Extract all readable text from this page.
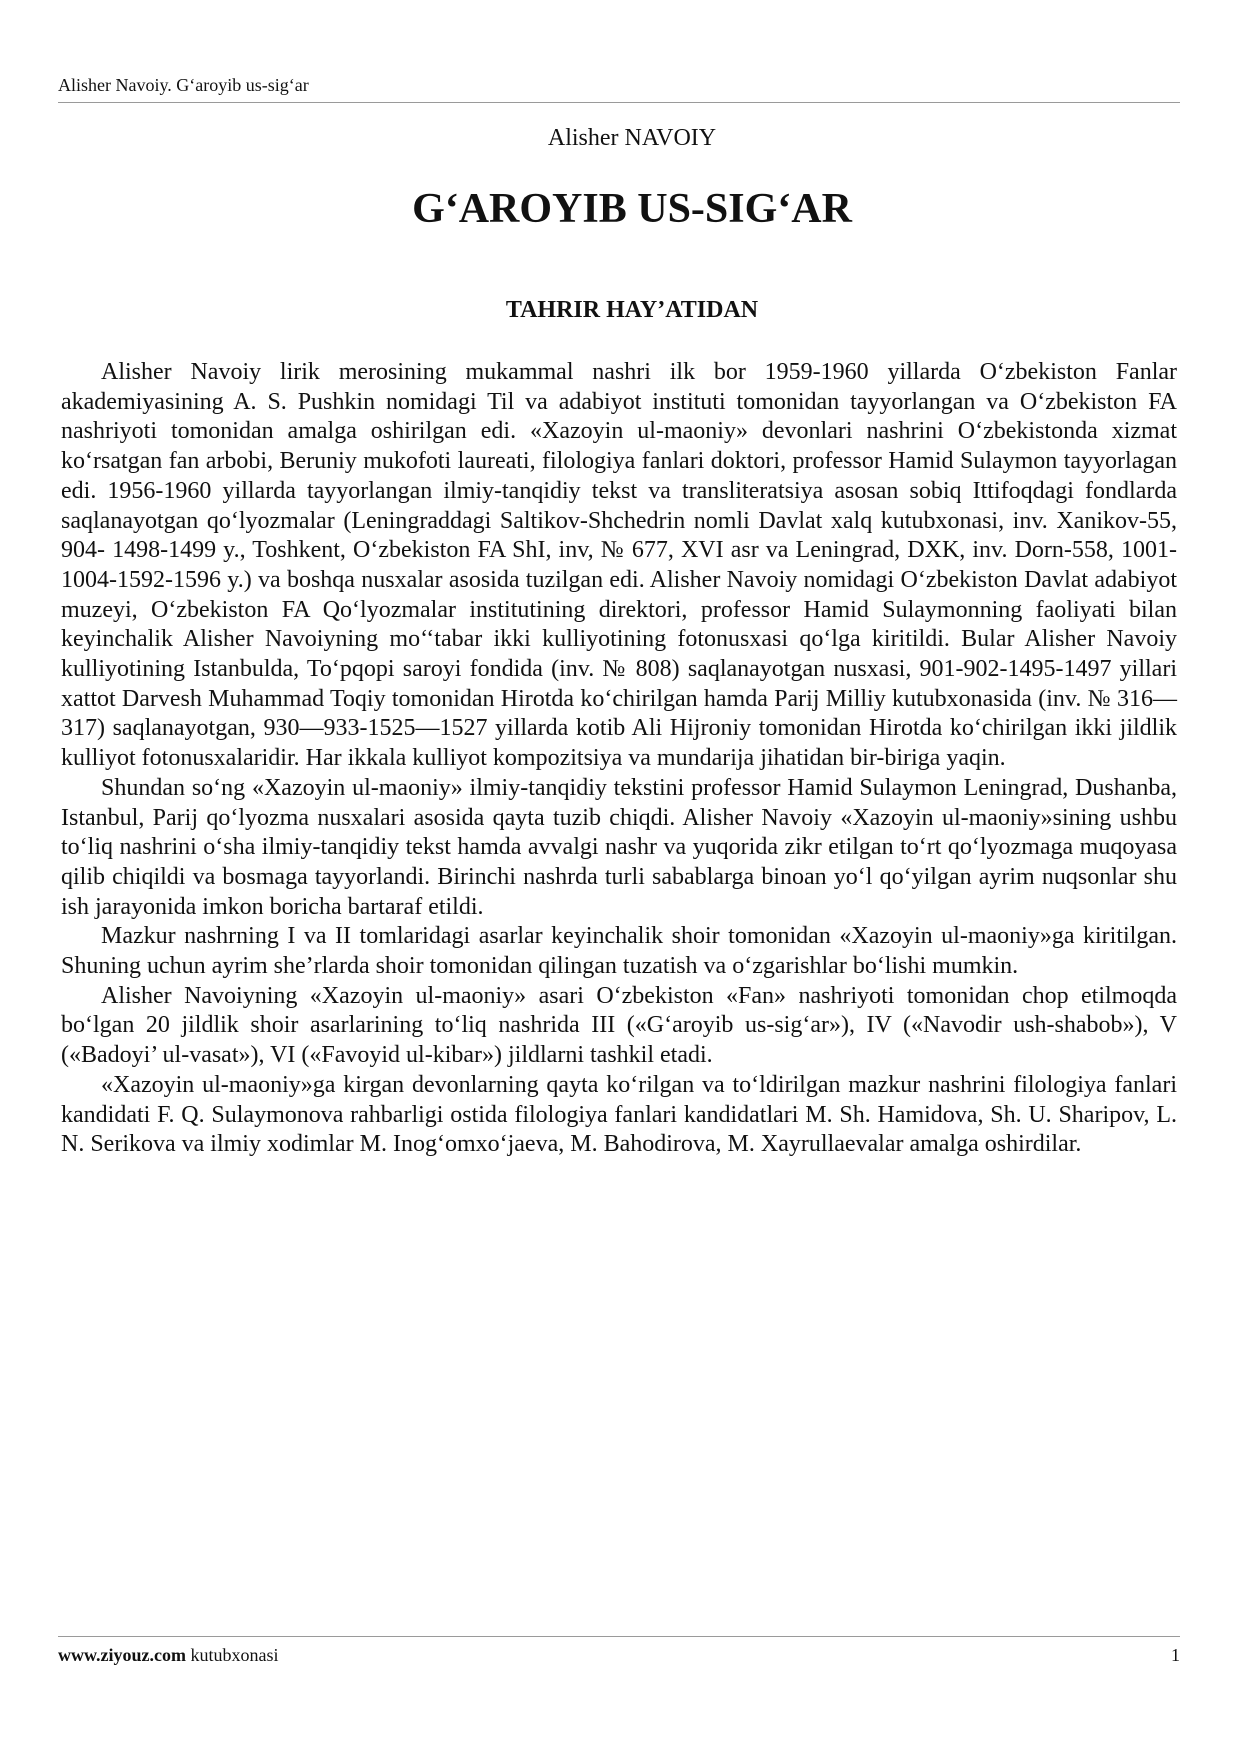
Alisher Navoiy. G‘aroyib us-sig‘ar
Alisher NAVOIY
G‘AROYIB US-SIG‘AR
TAHRIR HAY’ATIDAN

Alisher Navoiy lirik merosining mukammal nashri ilk bor 1959-1960 yillarda O‘zbekiston Fanlar akademiyasining A. S. Pushkin nomidagi Til va adabiyot instituti tomonidan tayyorlangan va O‘zbekiston FA nashriyoti tomonidan amalga oshirilgan edi. «Xazoyin ul-maoniy» devonlari nashrini O‘zbekistonda xizmat ko‘rsatgan fan arbobi, Beruniy mukofoti laureati, filologiya fanlari doktori, professor Hamid Sulaymon tayyorlagan edi. 1956-1960 yillarda tayyorlangan ilmiy-tanqidiy tekst va transliteratsiya asosan sobiq Ittifoqdagi fondlarda saqlanayotgan qo‘lyozmalar (Leningraddagi Saltikov-Shchedrin nomli Davlat xalq kutubxonasi, inv. Xanikov-55, 904- 1498-1499 y., Toshkent, O‘zbekiston FA ShI, inv, № 677, XVI asr va Leningrad, DXK, inv. Dorn-558, 1001-1004-1592-1596 y.) va boshqa nusxalar asosida tuzilgan edi. Alisher Navoiy nomidagi O‘zbekiston Davlat adabiyot muzeyi, O‘zbekiston FA Qo‘lyozmalar institutining direktori, professor Hamid Sulaymonning faoliyati bilan keyinchalik Alisher Navoiyning mo‘‘tabar ikki kulliyotining fotonusxasi qo‘lga kiritildi. Bular Alisher Navoiy kulliyotining Istanbulda, To‘pqopi saroyi fondida (inv. № 808) saqlanayotgan nusxasi, 901-902-1495-1497 yillari xattot Darvesh Muhammad Toqiy tomonidan Hirotda ko‘chirilgan hamda Parij Milliy kutubxonasida (inv. № 316—317) saqlanayotgan, 930—933-1525—1527 yillarda kotib Ali Hijroniy tomonidan Hirotda ko‘chirilgan ikki jildlik kulliyot fotonusxalaridir. Har ikkala kulliyot kompozitsiya va mundarija jihatidan bir-biriga yaqin.

Shundan so‘ng «Xazoyin ul-maoniy» ilmiy-tanqidiy tekstini professor Hamid Sulaymon Leningrad, Dushanba, Istanbul, Parij qo‘lyozma nusxalari asosida qayta tuzib chiqdi. Alisher Navoiy «Xazoyin ul-maoniy»sining ushbu to‘liq nashrini o‘sha ilmiy-tanqidiy tekst hamda avvalgi nashr va yuqorida zikr etilgan to‘rt qo‘lyozmaga muqoyasa qilib chiqildi va bosmaga tayyorlandi. Birinchi nashrda turli sabablarga binoan yo‘l qo‘yilgan ayrim nuqsonlar shu ish jarayonida imkon boricha bartaraf etildi.

Mazkur nashrning I va II tomlaridagi asarlar keyinchalik shoir tomonidan «Xazoyin ul-maoniy»ga kiritilgan. Shuning uchun ayrim she’rlarda shoir tomonidan qilingan tuzatish va o‘zgarishlar bo‘lishi mumkin.

Alisher Navoiyning «Xazoyin ul-maoniy» asari O‘zbekiston «Fan» nashriyoti tomonidan chop etilmoqda bo‘lgan 20 jildlik shoir asarlarining to‘liq nashrida III («G‘aroyib us-sig‘ar»), IV («Navodir ush-shabob»), V («Badoyi’ ul-vasat»), VI («Favoyid ul-kibar») jildlarni tashkil etadi.

«Xazoyin ul-maoniy»ga kirgan devonlarning qayta ko‘rilgan va to‘ldirilgan mazkur nashrini filologiya fanlari kandidati F. Q. Sulaymonova rahbarligi ostida filologiya fanlari kandidatlari M. Sh. Hamidova, Sh. U. Sharipov, L. N. Serikova va ilmiy xodimlar M. Inog‘omxo‘jaeva, M. Bahodirova, M. Xayrullaevalar amalga oshirdilar.

www.ziyouz.com kutubxonasi	1
